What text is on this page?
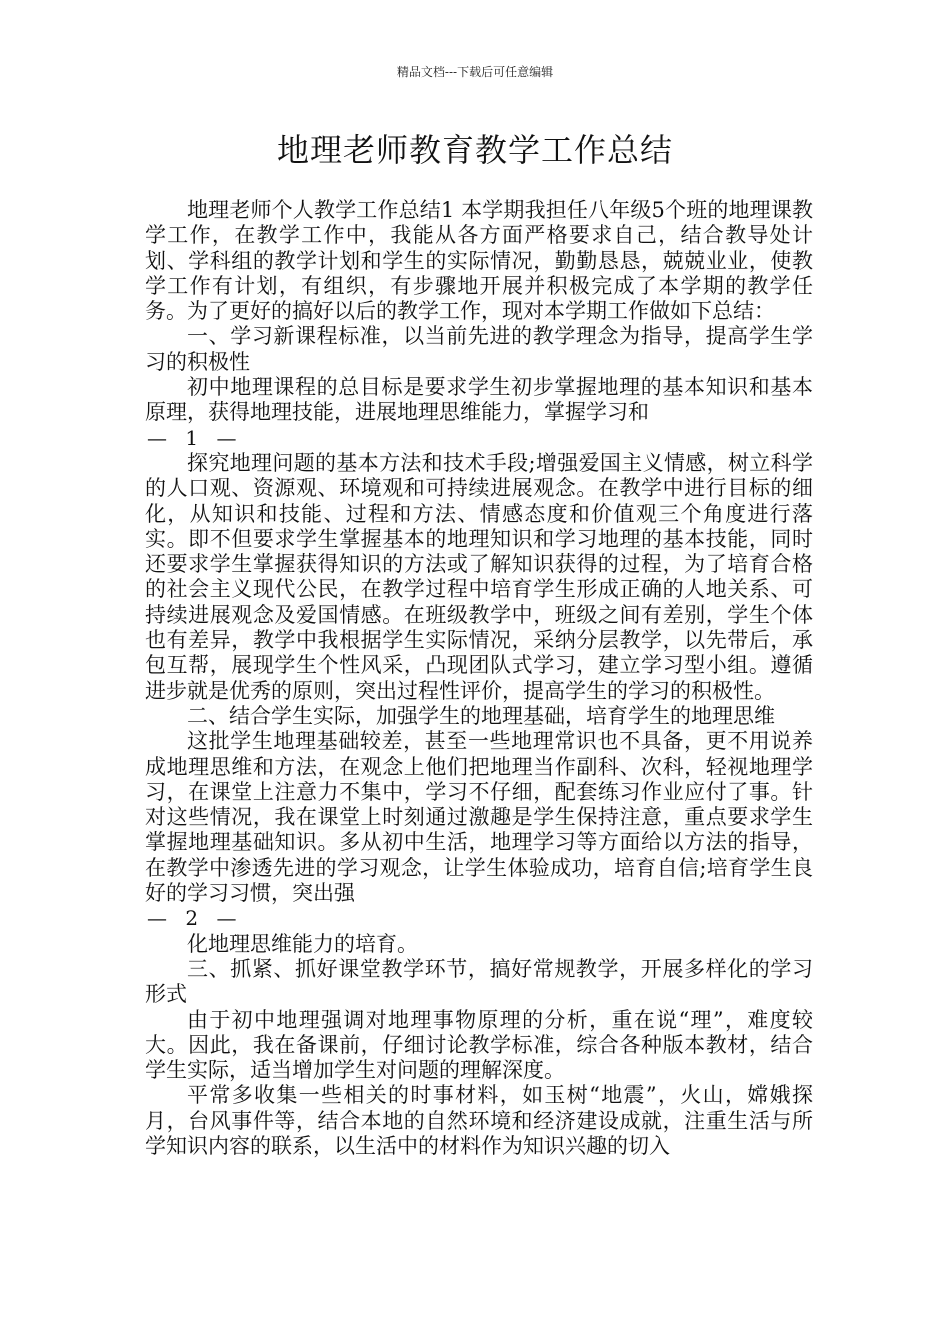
精品文档---下载后可任意编辑
地理老师教育教学工作总结

地理老师个人教学工作总结1 本学期我担任八年级5个班的地理课教学工作，在教学工作中，我能从各方面严格要求自己，结合教导处计划、学科组的教学计划和学生的实际情况，勤勤恳恳，兢兢业业，使教学工作有计划，有组织，有步骤地开展并积极完成了本学期的教学任务。为了更好的搞好以后的教学工作，现对本学期工作做如下总结：

一、学习新课程标准，以当前先进的教学理念为指导，提高学生学习的积极性

初中地理课程的总目标是要求学生初步掌握地理的基本知识和基本原理，获得地理技能，进展地理思维能力，掌握学习和

— 1 —

探究地理问题的基本方法和技术手段;增强爱国主义情感，树立科学的人口观、资源观、环境观和可持续进展观念。在教学中进行目标的细化，从知识和技能、过程和方法、情感态度和价值观三个角度进行落实。即不但要求学生掌握基本的地理知识和学习地理的基本技能，同时还要求学生掌握获得知识的方法或了解知识获得的过程，为了培育合格的社会主义现代公民，在教学过程中培育学生形成正确的人地关系、可持续进展观念及爱国情感。在班级教学中，班级之间有差别，学生个体也有差异，教学中我根据学生实际情况，采纳分层教学，以先带后，承包互帮，展现学生个性风采，凸现团队式学习，建立学习型小组。遵循进步就是优秀的原则，突出过程性评价，提高学生的学习的积极性。

二、结合学生实际，加强学生的地理基础，培育学生的地理思维

这批学生地理基础较差，甚至一些地理常识也不具备，更不用说养成地理思维和方法，在观念上他们把地理当作副科、次科，轻视地理学习，在课堂上注意力不集中，学习不仔细，配套练习作业应付了事。针对这些情况，我在课堂上时刻通过激趣是学生保持注意，重点要求学生掌握地理基础知识。多从初中生活，地理学习等方面给以方法的指导，在教学中渗透先进的学习观念，让学生体验成功，培育自信;培育学生良好的学习习惯，突出强

— 2 —

化地理思维能力的培育。

三、抓紧、抓好课堂教学环节，搞好常规教学，开展多样化的学习形式

由于初中地理强调对地理事物原理的分析，重在说“理”，难度较大。因此，我在备课前，仔细讨论教学标准，综合各种版本教材，结合学生实际，适当增加学生对问题的理解深度。

平常多收集一些相关的时事材料，如玉树“地震”，火山，嫦娥探月，台风事件等，结合本地的自然环境和经济建设成就，注重生活与所学知识内容的联系，以生活中的材料作为知识兴趣的切入
